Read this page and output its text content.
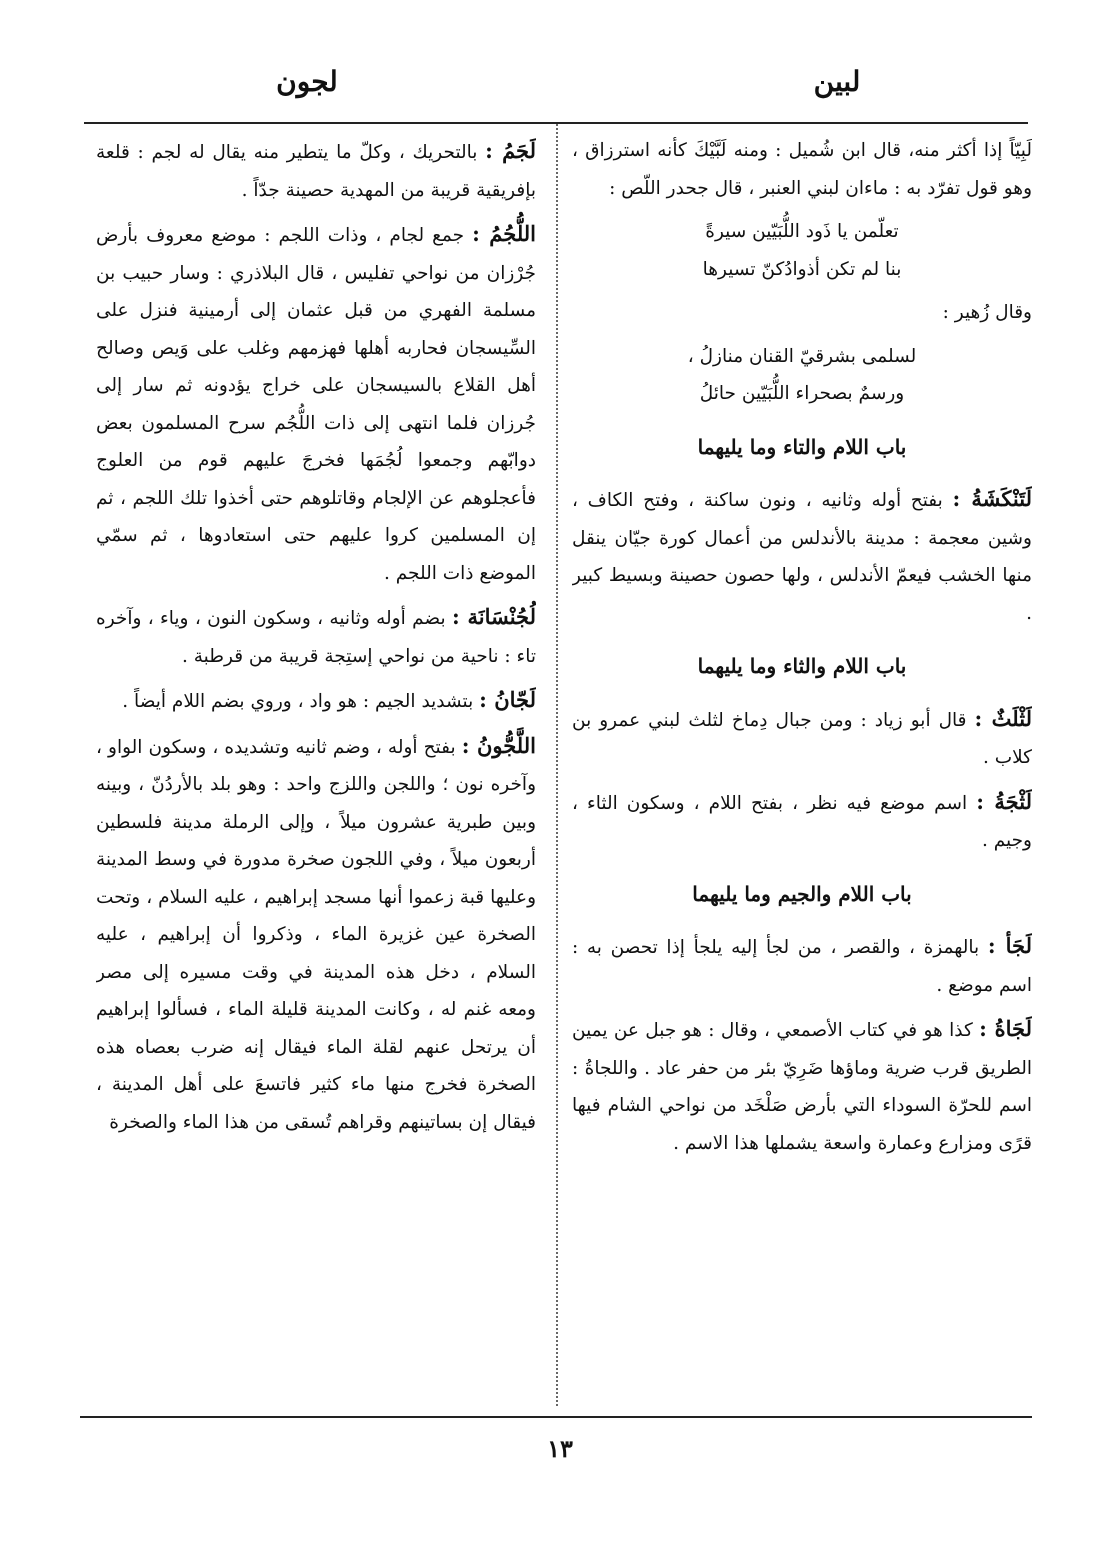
لبين
لجون

لَبِيّاً إذا أكثر منه، قال ابن شُميل : ومنه لَبَّيْكَ كأنه استرزاق ، وهو قول تفرّد به : ماءان لبني العنبر ، قال جحدر اللّص :

تعلّمن يا ذَود اللُّبَيّين سيرةً
بنا لم تكن أذوادُكنّ تسيرها

وقال زُهير :

لسلمى بشرقيّ القنان منازلُ ،
ورسمٌ بصحراء اللُّبَيّين حائلُ
باب اللام والتاء وما يليهما

لَتَنْكَشَةُ : بفتح أوله وثانيه ، ونون ساكنة ، وفتح الكاف ، وشين معجمة : مدينة بالأندلس من أعمال كورة جيّان ينقل منها الخشب فيعمّ الأندلس ، ولها حصون حصينة وبسيط كبير .

باب اللام والثاء وما يليهما

لَثْلَثٌ : قال أبو زياد : ومن جبال دِماخ لثلث لبني عمرو بن كلاب .

لَثْجَةُ : اسم موضع فيه نظر ، بفتح اللام ، وسكون الثاء ، وجيم .

باب اللام والجيم وما يليهما

لَجَأ : بالهمزة ، والقصر ، من لجأ إليه يلجأ إذا تحصن به : اسم موضع .

لَجَاةُ : كذا هو في كتاب الأصمعي ، وقال : هو جبل عن يمين الطريق قرب ضرية وماؤها ضَرِيّ بئر من حفر عاد . واللجاةُ : اسم للحرّة السوداء التي بأرض صَلْخَد من نواحي الشام فيها قرًى ومزارع وعمارة واسعة يشملها هذا الاسم .

لَجَمُ : بالتحريك ، وكلّ ما يتطير منه يقال له لجم : قلعة بإفريقية قريبة من المهدية حصينة جدّاً .

اللُّجُمُ : جمع لجام ، وذات اللجم : موضع معروف بأرض جُرْزان من نواحي تفليس ، قال البلاذري : وسار حبيب بن مسلمة الفهري من قبل عثمان إلى أرمينية فنزل على السِّيسجان فحاربه أهلها فهزمهم وغلب على وَيص وصالح أهل القلاع بالسيسجان على خراج يؤدونه ثم سار إلى جُرزان فلما انتهى إلى ذات اللُّجُم سرح المسلمون بعض دوابّهم وجمعوا لُجُمَها فخرجَ عليهم قوم من العلوج فأعجلوهم عن الإلجام وقاتلوهم حتى أخذوا تلك اللجم ، ثم إن المسلمين كروا عليهم حتى استعادوها ، ثم سمّي الموضع ذات اللجم .

لُجُنْسَانَة : بضم أوله وثانيه ، وسكون النون ، وياء ، وآخره تاء : ناحية من نواحي إستِجة قريبة من قرطبة .

لَجّانُ : بتشديد الجيم : هو واد ، وروي بضم اللام أيضاً .

اللَّجُّونُ : بفتح أوله ، وضم ثانيه وتشديده ، وسكون الواو ، وآخره نون ؛ واللجن واللزج واحد : وهو بلد بالأردُنّ ، وبينه وبين طبرية عشرون ميلاً ، وإلى الرملة مدينة فلسطين أربعون ميلاً ، وفي اللجون صخرة مدورة في وسط المدينة وعليها قبة زعموا أنها مسجد إبراهيم ، عليه السلام ، وتحت الصخرة عين غزيرة الماء ، وذكروا أن إبراهيم ، عليه السلام ، دخل هذه المدينة في وقت مسيره إلى مصر ومعه غنم له ، وكانت المدينة قليلة الماء ، فسألوا إبراهيم أن يرتحل عنهم لقلة الماء فيقال إنه ضرب بعصاه هذه الصخرة فخرج منها ماء كثير فاتسعَ على أهل المدينة ، فيقال إن بساتينهم وقراهم تُسقى من هذا الماء والصخرة

١٣
